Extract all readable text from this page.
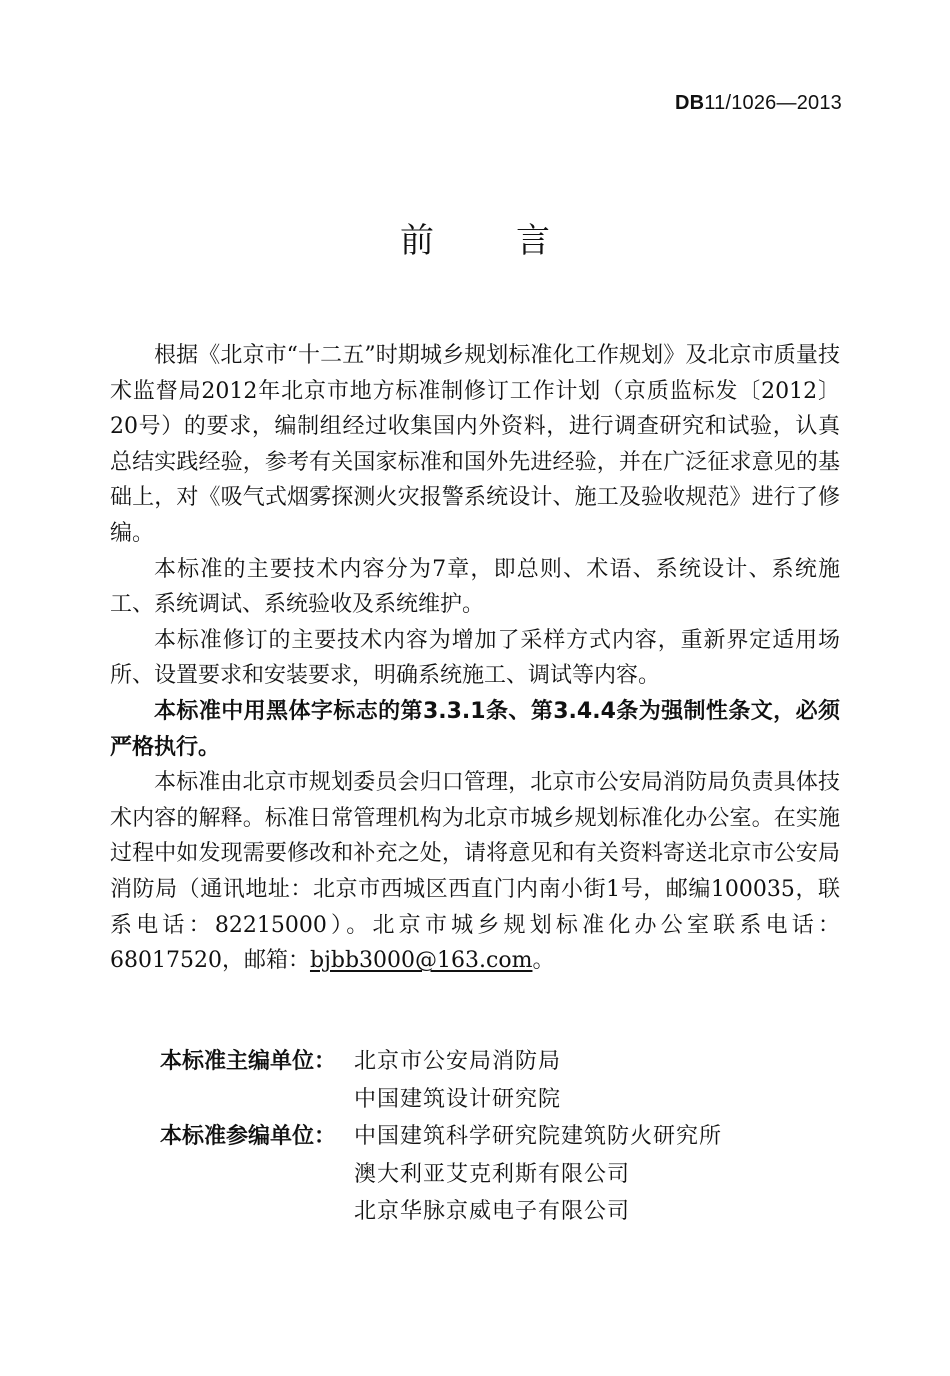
DB11/1026—2013
前言

根据《北京市“十二五”时期城乡规划标准化工作规划》及北京市质量技术监督局2012年北京市地方标准制修订工作计划（京质监标发〔2012〕20号）的要求，编制组经过收集国内外资料，进行调查研究和试验，认真总结实践经验，参考有关国家标准和国外先进经验，并在广泛征求意见的基础上，对《吸气式烟雾探测火灾报警系统设计、施工及验收规范》进行了修编。

本标准的主要技术内容分为7章，即总则、术语、系统设计、系统施工、系统调试、系统验收及系统维护。

本标准修订的主要技术内容为增加了采样方式内容，重新界定适用场所、设置要求和安装要求，明确系统施工、调试等内容。

本标准中用黑体字标志的第3.3.1条、第3.4.4条为强制性条文，必须严格执行。

本标准由北京市规划委员会归口管理，北京市公安局消防局负责具体技术内容的解释。标准日常管理机构为北京市城乡规划标准化办公室。在实施过程中如发现需要修改和补充之处，请将意见和有关资料寄送北京市公安局消防局（通讯地址：北京市西城区西直门内南小街1号，邮编100035，联系电话：82215000）。北京市城乡规划标准化办公室联系电话：68017520，邮箱：bjbb3000@163.com。

本标准主编单位： 北京市公安局消防局
中国建筑设计研究院
本标准参编单位： 中国建筑科学研究院建筑防火研究所
澳大利亚艾克利斯有限公司
北京华脉京威电子有限公司
